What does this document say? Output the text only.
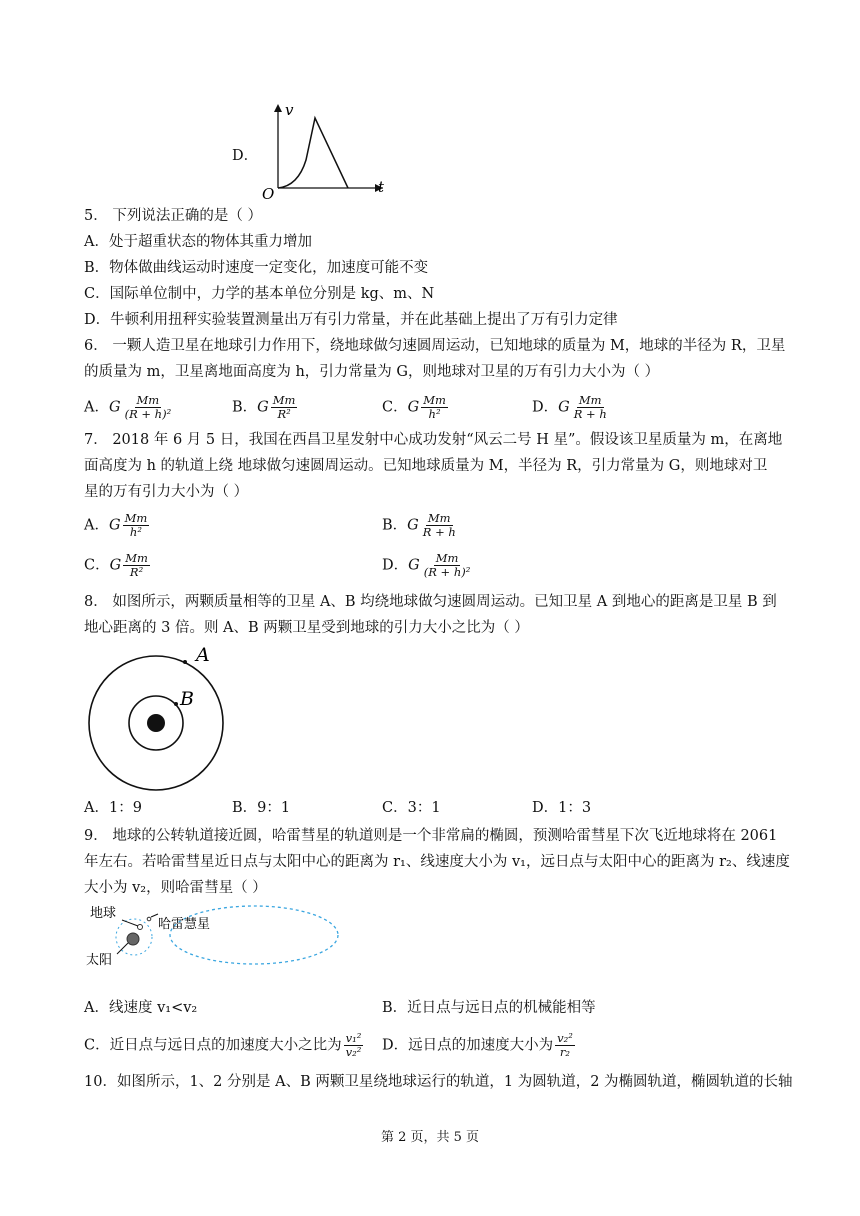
D．
v
t
O
5． 下列说法正确的是（ ）
A．处于超重状态的物体其重力增加
B．物体做曲线运动时速度一定变化，加速度可能不变
C．国际单位制中，力学的基本单位分别是 kg、m、N
D．牛顿利用扭秤实验装置测量出万有引力常量，并在此基础上提出了万有引力定律
6． 一颗人造卫星在地球引力作用下，绕地球做匀速圆周运动，已知地球的质量为 M，地球的半径为 R，卫星
的质量为 m，卫星离地面高度为 h，引力常量为 G，则地球对卫星的万有引力大小为（ ）
A．G $\frac{Mm}{\text{(R + h)²}}$	B．G $\frac{Mm}{\text{R²}}$	C．G $\frac{Mm}{\text{h²}}$	D．G $\frac{Mm}{R + h}$
7． 2018 年 6 月 5 日，我国在西昌卫星发射中心成功发射“风云二号 H 星”。假设该卫星质量为 m，在离地
面高度为 h 的轨道上绕 地球做匀速圆周运动。已知地球质量为 M，半径为 R，引力常量为 G，则地球对卫
星的万有引力大小为（ ）
A．G $\frac{Mm}{\text{h²}}$	B．G $\frac{Mm}{R + h}$
C．G $\frac{Mm}{\text{R²}}$	D．G $\frac{Mm}{\text{(R + h)²}}$
8． 如图所示，两颗质量相等的卫星 A、B 均绕地球做匀速圆周运动。已知卫星 A 到地心的距离是卫星 B 到
地心距离的 3 倍。则 A、B 两颗卫星受到地球的引力大小之比为（ ）
A
B
A．1：9	B．9：1	C．3：1	D．1：3
9． 地球的公转轨道接近圆，哈雷彗星的轨道则是一个非常扁的椭圆，预测哈雷彗星下次飞近地球将在 2061
年左右。若哈雷彗星近日点与太阳中心的距离为 r₁、线速度大小为 v₁，远日点与太阳中心的距离为 r₂、线速度
大小为 v₂，则哈雷彗星（ ）
地球
哈雷慧星
太阳
A．线速度 v₁<v₂	B．近日点与远日点的机械能相等
C．近日点与远日点的加速度大小之比为 $\frac{\text{v₁²}}{\text{v₂²}}$ D．远日点的加速度大小为 $\frac{\text{v₂²}}{\text{r₂}}$
10．如图所示，1、2 分别是 A、B 两颗卫星绕地球运行的轨道，1 为圆轨道，2 为椭圆轨道，椭圆轨道的长轴
第 2 页，共 5 页
